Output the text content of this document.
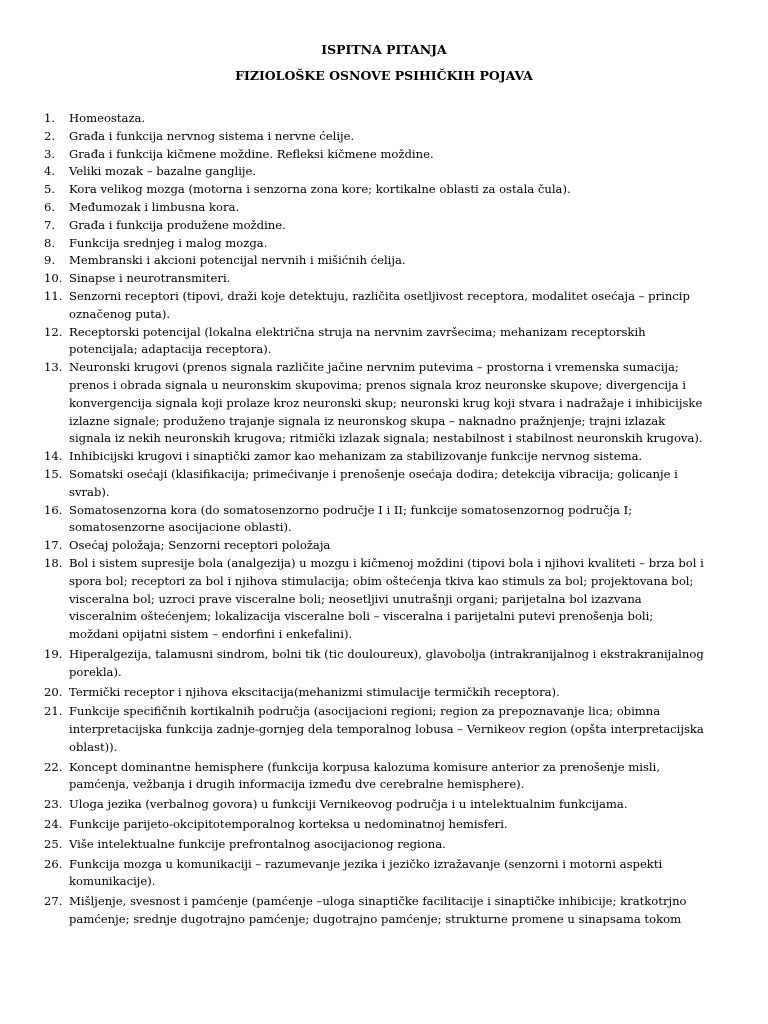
ISPITNA PITANJA
FIZIOLOŠKE OSNOVE PSIHIČKIH POJAVA
1. Homeostaza.
2. Građa i funkcija nervnog sistema i nervne ćelije.
3. Građa i funkcija kičmene moždine. Refleksi kičmene moždine.
4. Veliki mozak – bazalne ganglije.
5. Kora velikog mozga (motorna i senzorna zona kore; kortikalne oblasti za ostala čula).
6. Međumozak i limbusna kora.
7. Građa i funkcija produžene moždine.
8. Funkcija srednjeg i malog mozga.
9. Membranski i akcioni potencijal nervnih i mišićnih ćelija.
10. Sinapse i neurotransmiteri.
11. Senzorni receptori (tipovi, draži koje detektuju, različita osetljivost receptora, modalitet osećaja – princip označenog puta).
12. Receptorski potencijal (lokalna električna struja na nervnim završecima; mehanizam receptorskih potencijala; adaptacija receptora).
13. Neuronski krugovi (prenos signala različite jačine nervnim putevima – prostorna i vremenska sumacija; prenos i obrada signala u neuronskim skupovima; prenos signala kroz neuronske skupove; divergencija i konvergencija signala koji prolaze kroz neuronski skup; neuronski krug koji stvara i nadražaje i inhibicijske izlazne signale; produženo trajanje signala iz neuronskog skupa – naknadno pražnjenje; trajni izlazak signala iz nekih neuronskih krugova; ritmički izlazak signala; nestabilnost i stabilnost neuronskih krugova).
14. Inhibicijski krugovi i sinaptički zamor kao mehanizam za stabilizovanje funkcije nervnog sistema.
15. Somatski osećaji (klasifikacija; primećivanje i prenošenje osećaja dodira; detekcija vibracija; golicanje i svrab).
16. Somatosenzorna kora (do somatosenzorno područje I i II; funkcije somatosenzornog područja I; somatosenzorne asocijacione oblasti).
17. Osećaj položaja; Senzorni receptori položaja
18. Bol i sistem supresije bola (analgezija) u mozgu i kičmenoj moždini (tipovi bola i njihovi kvaliteti – brza bol i spora bol; receptori za bol i njihova stimulacija; obim oštećenja tkiva kao stimuls za bol; projektovana bol; visceralna bol; uzroci prave visceralne boli; neosetljivi unutrašnji organi; parijetalna bol izazvana visceralnim oštećenjem; lokalizacija visceralne boli – visceralna i parijetalni putevi prenošenja boli; moždani opijatni sistem – endorfini i enkefalini).
19. Hiperalgezija, talamusni sindrom, bolni tik (tic douloureux), glavobolja (intrakranijalnog i ekstrakranijalnog porekla).
20. Termički receptor i njihova ekscitacija(mehanizmi stimulacije termičkih receptora).
21. Funkcije specifičnih kortikalnih područja (asocijacioni regioni; region za prepoznavanje lica; obimna interpretacijska funkcija zadnje-gornjeg dela temporalnog lobusa – Vernikeov region (opšta interpretacijska oblast)).
22. Koncept dominantne hemisphere (funkcija korpusa kalozuma komisure anterior za prenošenje misli, pamćenja, vežbanja i drugih informacija između dve cerebralne hemisphere).
23. Uloga jezika (verbalnog govora) u funkciji Vernikeovog područja i u intelektualnim funkcijama.
24. Funkcije parijeto-okcipitotemporalnog korteksa u nedominatnoj hemisferi.
25. Više intelektualne funkcije prefrontalnog asocijacionog regiona.
26. Funkcija mozga u komunikaciji – razumevanje jezika i jezičko izražavanje (senzorni i motorni aspekti komunikacije).
27. Mišljenje, svesnost i pamćenje (pamćenje –uloga sinaptičke facilitacije i sinaptičke inhibicije; kratkotrjno pamćenje; srednje dugotrajno pamćenje; dugotrajno pamćenje; strukturne promene u sinapsama tokom
